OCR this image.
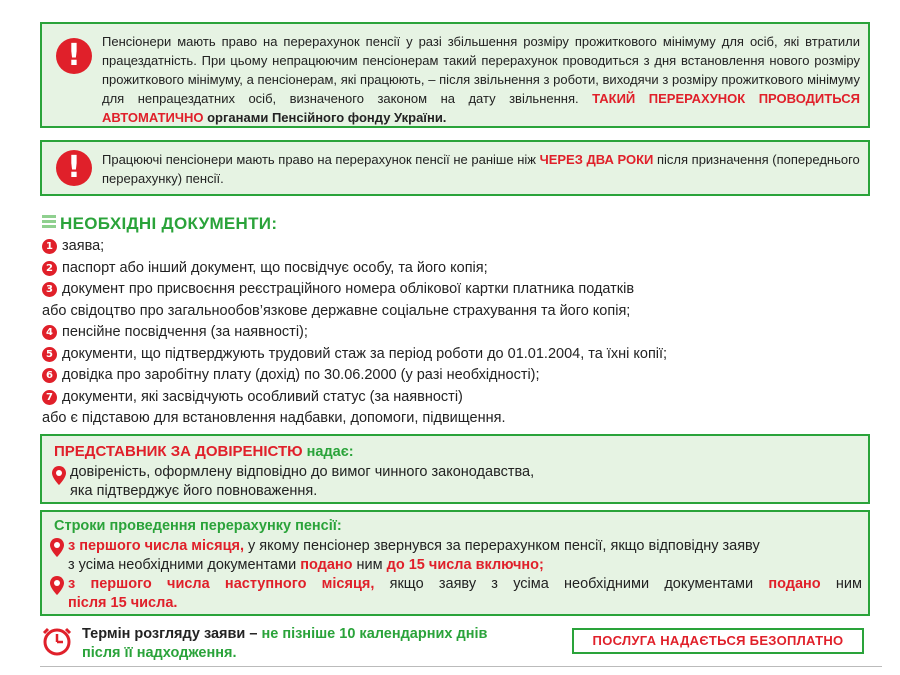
!	Пенсіонери мають право на перерахунок пенсії у разі збільшення розміру прожиткового мінімуму для осіб, які втратили працездатність. При цьому непрацюючим пенсіонерам такий перерахунок проводиться з дня встановлення нового розміру прожиткового мінімуму, а пенсіонерам, які працюють, – після звільнення з роботи, виходячи з розміру прожиткового мінімуму для непрацездатних осіб, визначеного законом на дату звільнення. ТАКИЙ ПЕРЕРАХУНОК ПРОВОДИТЬСЯ АВТОМАТИЧНО органами Пенсійного фонду України.
!	Працюючі пенсіонери мають право на перерахунок пенсії не раніше ніж ЧЕРЕЗ ДВА РОКИ після призначення (попереднього перерахунку) пенсії.
НЕОБХІДНІ ДОКУМЕНТИ:
1 заява;
2 паспорт або інший документ, що посвідчує особу, та його копія;
3 документ про присвоєння реєстраційного номера облікової картки платника податків
або свідоцтво про загальнообов’язкове державне соціальне страхування та його копія;
4 пенсійне посвідчення (за наявності);
5 документи, що підтверджують трудовий стаж за період роботи до 01.01.2004, та їхні копії;
6 довідка про заробітну плату (дохід) по 30.06.2000 (у разі необхідності);
7 документи, які засвідчують особливий статус (за наявності)
або є підставою для встановлення надбавки, допомоги, підвищення.
ПРЕДСТАВНИК ЗА ДОВІРЕНІСТЮ надає:
довіреність, оформлену відповідно до вимог чинного законодавства,
яка підтверджує його повноваження.
Строки проведення перерахунку пенсії:
з першого числа місяця, у якому пенсіонер звернувся за перерахунком пенсії, якщо відповідну заяву
з усіма необхідними документами подано ним до 15 числа включно;
з першого числа наступного місяця, якщо заяву з усіма необхідними документами подано ним
після 15 числа.
Термін розгляду заяви – не пізніше 10 календарних днів
після її надходження.
ПОСЛУГА НАДАЄТЬСЯ БЕЗОПЛАТНО
